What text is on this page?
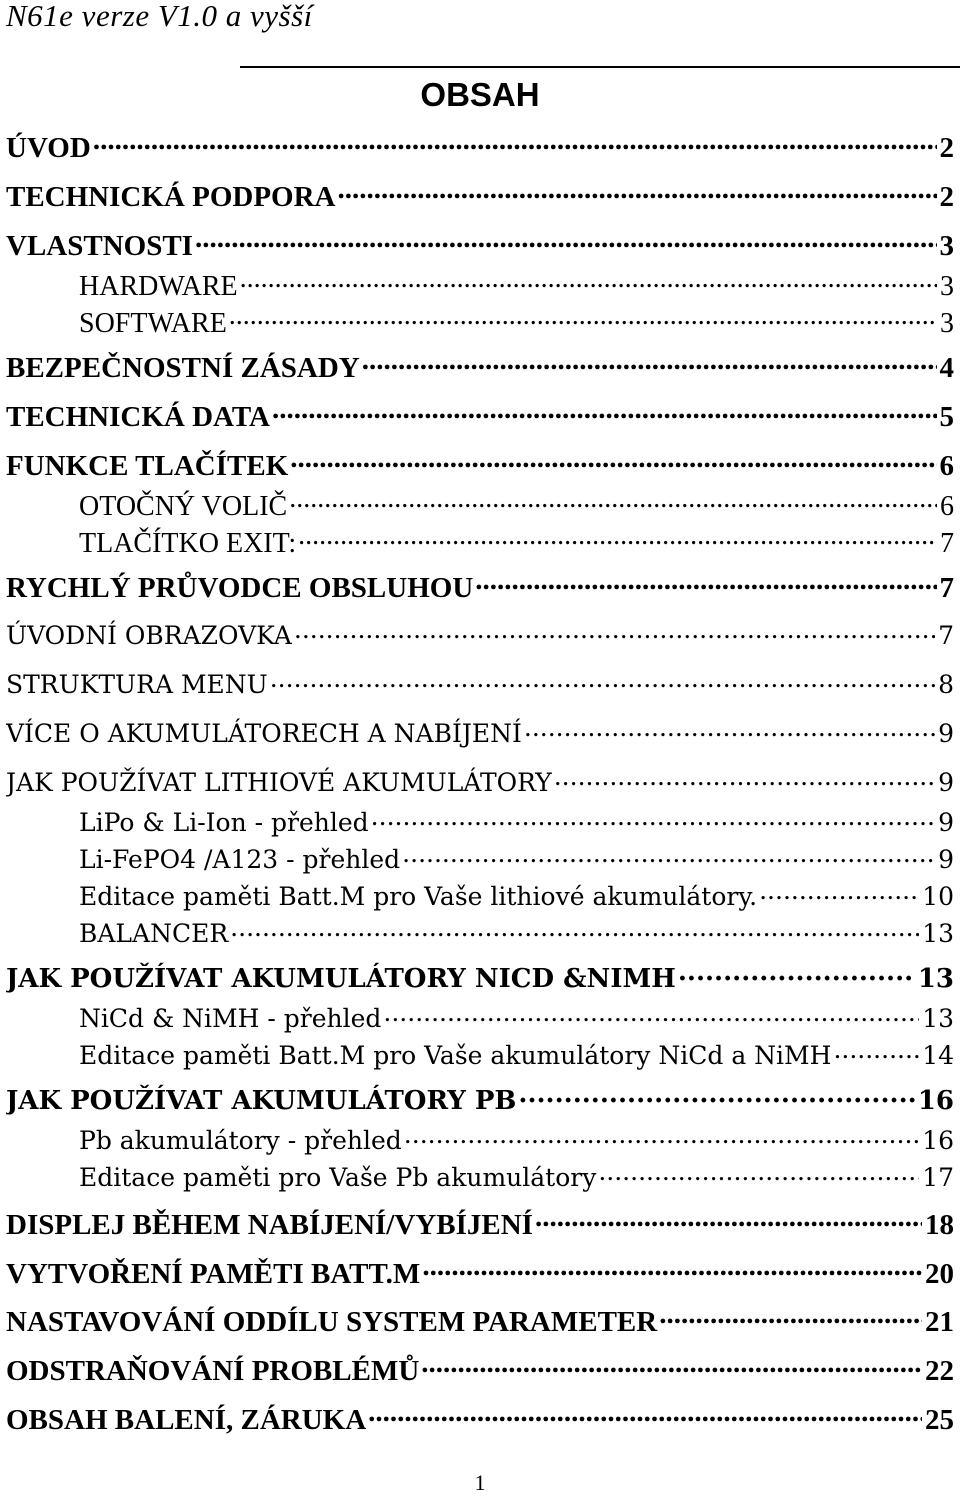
N61e verze V1.0 a vyšší
OBSAH
ÚVOD .....	2
TECHNICKÁ PODPORA .....	2
VLASTNOSTI .....	3
HARDWARE .....	3
SOFTWARE .....	3
BEZPEČNOSTNÍ ZÁSADY .....	4
TECHNICKÁ DATA .....	5
FUNKCE TLAČÍTEK .....	6
OTOČNÝ VOLIČ .....	6
TLAČÍTKO EXIT: .....	7
RYCHLÝ PRŮVODCE OBSLUHOU .....	7
ÚVODNÍ OBRAZOVKA .....	7
STRUKTURA MENU .....	8
VÍCE O AKUMULÁTORECH A NABÍJENÍ .....	9
JAK POUŽÍVAT LITHIOVÉ AKUMULÁTORY .....	9
LiPo & Li-Ion - přehled .....	9
Li-FePO4 /A123 - přehled .....	9
Editace paměti Batt.M pro Vaše lithiové akumulátory. .....	10
BALANCER .....	13
JAK POUŽÍVAT AKUMULÁTORY NICD &NIMH .....	13
NiCd & NiMH - přehled .....	13
Editace paměti Batt.M pro Vaše akumulátory NiCd a NiMH .....	14
JAK POUŽÍVAT AKUMULÁTORY PB .....	16
Pb akumulátory - přehled .....	16
Editace paměti pro Vaše Pb akumulátory .....	17
DISPLEJ BĚHEM NABÍJENÍ/VYBÍJENÍ .....	18
VYTVOŘENÍ PAMĚTI BATT.M .....	20
NASTAVOVÁNÍ ODDÍLU SYSTEM PARAMETER .....	21
ODSTRAŇOVÁNÍ PROBLÉMŮ .....	22
OBSAH BALENÍ, ZÁRUKA .....	25
1
